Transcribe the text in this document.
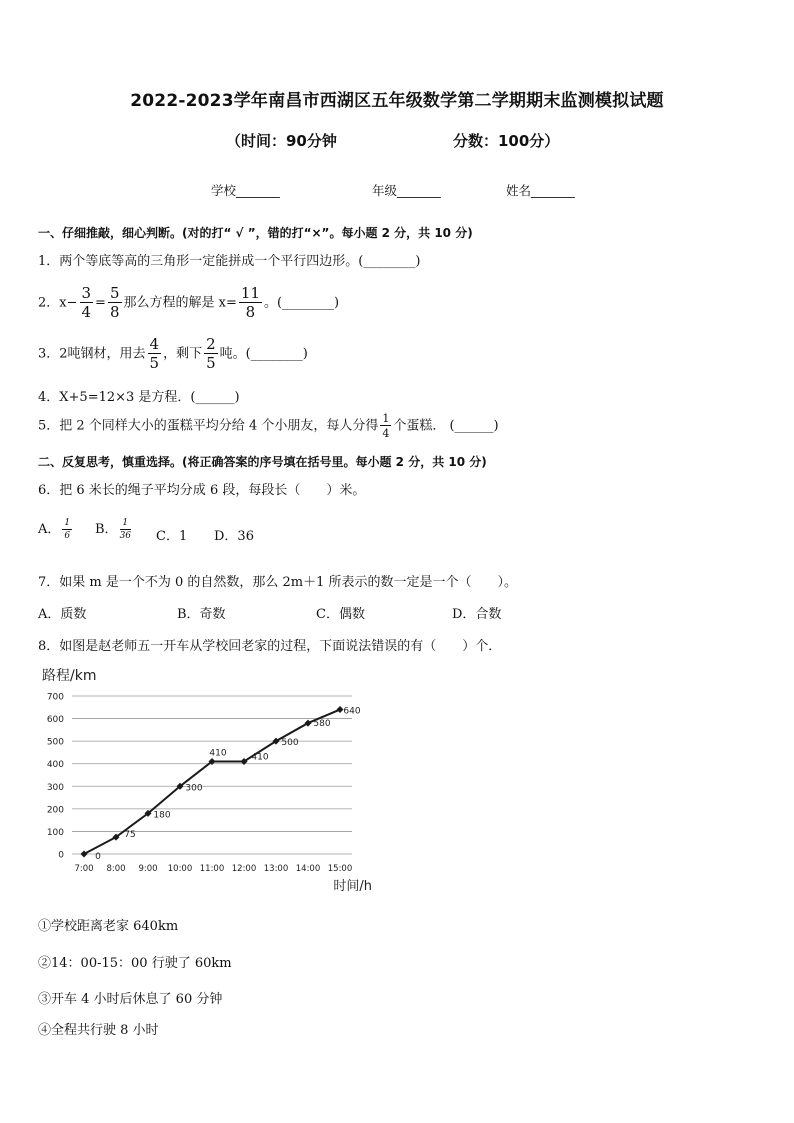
2022-2023学年南昌市西湖区五年级数学第二学期期末监测模拟试题
（时间：90分钟	分数：100分）
学校_______	年级_______	姓名_______
一、仔细推敲，细心判断。(对的打“ √ ”，错的打“×”。每小题 2 分，共 10 分)
1．两个等底等高的三角形一定能拼成一个平行四边形。(________)
2．$x- \frac{3}{4} = \frac{5}{8}$ 那么方程的解是 $x= \frac{11}{8}$ 。(________)
3．2吨钢材，用去 $\frac{4}{5}$ ，剩下 $\frac{2}{5}$ 吨。(________)
4．X+5=12×3 是方程．(______)
5．把 2 个同样大小的蛋糕平均分给 4 个小朋友，每人分得 $\frac{1}{4}$ 个蛋糕． (______)
二、反复思考，慎重选择。(将正确答案的序号填在括号里。每小题 2 分，共 10 分)
6．把 6 米长的绳子平均分成 6 段，每段长（　　）米。
A． $\frac{1}{6}$ B． $\frac{1}{36}$ C．1 D．36
7．如果 m 是一个不为 0 的自然数，那么 2m＋1 所表示的数一定是一个（　　）。
A．质数	B．奇数	C．偶数	D．合数
8．如图是赵老师五一开车从学校回老家的过程，下面说法错误的有（　　）个．
路程/km
0
100
200
300
400
500
600
700
7:00 8:00 9:00 10:00 11:00 12:00 13:00 14:00 15:00
时间/h
0
75
180
300
410	410
500
580
640
①学校距离老家 640km
②14：00-15：00 行驶了 60km
③开车 4 小时后休息了 60 分钟
④全程共行驶 8 小时
